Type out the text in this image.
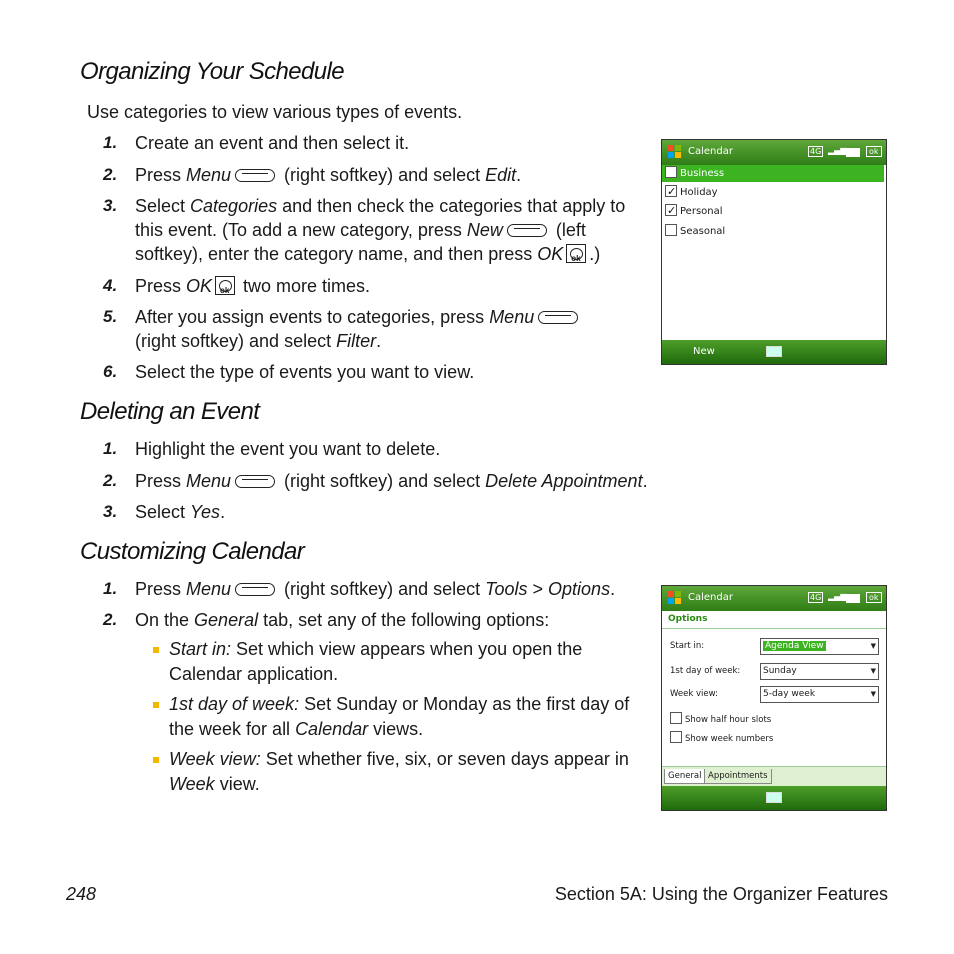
Organizing Your Schedule
Use categories to view various types of events.
1. Create an event and then select it.
2. Press Menu	(right softkey) and select Edit.
3. Select Categories and then check the categories that apply to this event. (To add a new category, press New	(left softkey), enter the category name, and then press OK ok .)
4. Press OK ok two more times.
5. After you assign events to categories, press Menu
(right softkey) and select Filter.
6. Select the type of events you want to view.
Calendar	4G ▂▄▆	ok
Business
✓Holiday
✓Personal
Seasonal
New
Deleting an Event
1. Highlight the event you want to delete.
2. Press Menu	(right softkey) and select Delete Appointment.
3. Select Yes.
Customizing Calendar
1. Press Menu	(right softkey) and select Tools > Options.
2. On the General tab, set any of the following options:
Start in: Set which view appears when you open the Calendar application.
1st day of week: Set Sunday or Monday as the first day of the week for all Calendar views.
Week view: Set whether five, six, or seven days appear in Week view.
Calendar	4G ▂▄▆	ok
Options
Start in:	Agenda View ▼
1st day of week:	Sunday ▼
Week view:	5-day week ▼
Show half hour slots
Show week numbers
General Appointments
248	Section 5A: Using the Organizer Features
